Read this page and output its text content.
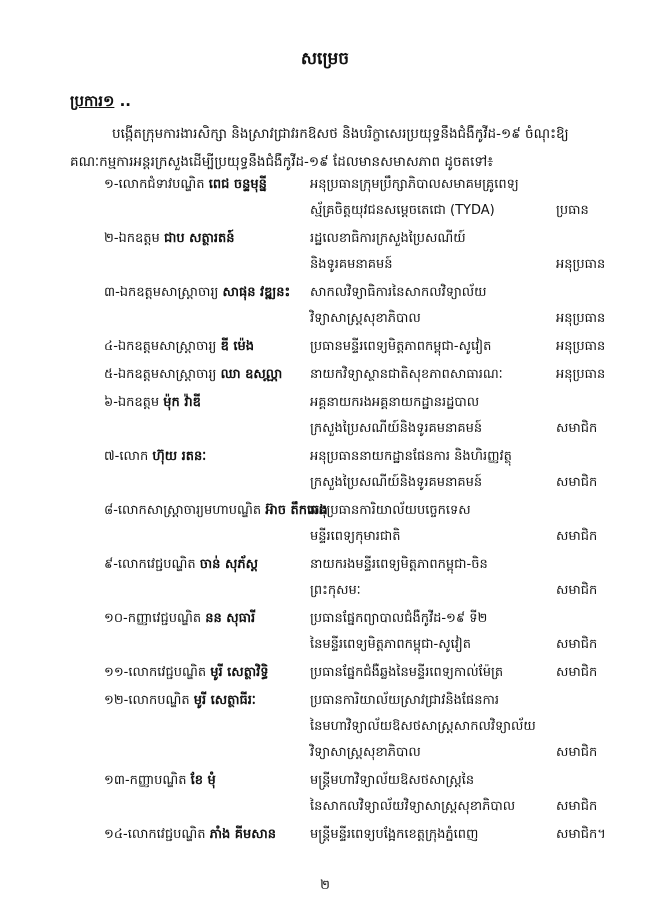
សម្រេច
ប្រការ១ ..
បង្កើតក្រុមការងារសិក្សា និងស្រាវជ្រាវរកឱសថ និងបរិក្ខាសេរប្រយុទ្ធនឹងជំងឺកូវីដ-១៩ ចំណុះឱ្យ
គណៈកម្មការអន្តរក្រសួងដើម្បីប្រយុទ្ធនឹងជំងឺកូវីដ-១៩ ដែលមានសមាសភាព ដូចតទៅ៖
១-លោកជំទាវបណ្ឌិត ពេជ ចន្ទមុន្នី	អនុប្រធានក្រុមប្រឹក្សាភិបាលសមាគមគ្រូពេទ្យ
ស្ម័គ្រចិត្តយុវជនសម្ដេចតេជោ (TYDA)	ប្រធាន
២-ឯកឧត្តម ជាប សត្ថារតន៍	រដ្ឋលេខាធិការក្រសួងប្រៃសណីយ៍
និងទូរគមនាគមន៍	អនុប្រធាន
៣-ឯកឧត្តមសាស្ត្រាចារ្យ សាផុន វឌ្ឍនះ	សាកលវិទ្យាធិការនៃសាកលវិទ្យាល័យ
វិទ្យាសាស្ត្រសុខាភិបាល	អនុប្រធាន
៤-ឯកឧត្តមសាស្ត្រាចារ្យ ឌី ម៉េង	ប្រធានមន្ទីរពេទ្យមិត្តភាពកម្ពុជា-សូវៀត	អនុប្រធាន
៥-ឯកឧត្តមសាស្ត្រាចារ្យ ឈា ឧសល្ណា	នាយកវិទ្យាស្ថានជាតិសុខភាពសាធារណៈ	អនុប្រធាន
៦-ឯកឧត្តម ម៉ុក វ៉ាឌី	អគ្គនាយករងអគ្គនាយកដ្ឋានរដ្ឋបាល
ក្រសួងប្រៃសណីយ៍និងទូរគមនាគមន៍	សមាជិក
៧-លោក ហ៊ុយ រតនៈ	អនុប្រធាននាយកដ្ឋានផែនការ និងហិរញ្ញវត្ថុ
ក្រសួងប្រៃសណីយ៍និងទូរគមនាគមន៍	សមាជិក
៨-លោកសាស្ត្រាចារ្យមហាបណ្ឌិត អ៊ាច តឹកឆេង
អនុប្រធានការិយាល័យបច្ចេកទេស
មន្ទីរពេទ្យកុមារជាតិ	សមាជិក
៩-លោកវេជ្ជបណ្ឌិត ចាន់ សុភ័ស្ត	នាយករងមន្ទីរពេទ្យមិត្តភាពកម្ពុជា-ចិន
ព្រះកុសមៈ	សមាជិក
១០-កញ្ញាវេជ្ជបណ្ឌិត នន សុធារី	ប្រធានផ្នែកព្យាបាលជំងឺកូវីដ-១៩ ទី២
នៃមន្ទីរពេទ្យមិត្តភាពកម្ពុជា-សូវៀត	សមាជិក
១១-លោកវេជ្ជបណ្ឌិត មូរី សេត្ថាវិទ្ធិ	ប្រធានផ្នែកជំងឺឆ្លងនៃមន្ទីរពេទ្យកាល់ម៉ែត្រ	សមាជិក
១២-លោកបណ្ឌិត មូរី សេត្ថាធីរៈ	ប្រធានការិយាល័យស្រាវជ្រាវនិងផែនការ
នៃមហាវិទ្យាល័យឱសថសាស្ត្រសាកលវិទ្យាល័យ
វិទ្យាសាស្ត្រសុខាភិបាល	សមាជិក
១៣-កញ្ញាបណ្ឌិត ខែ មុំ	មន្ត្រីមហាវិទ្យាល័យឱសថសាស្ត្រនៃ
នៃសាកលវិទ្យាល័យវិទ្យាសាស្ត្រសុខាភិបាល	សមាជិក
១៤-លោកវេជ្ជបណ្ឌិត ភាំង គីមសាន	មន្ត្រីមន្ទីរពេទ្យបង្អែកខេត្តក្រុងភ្នំពេញ	សមាជិក។
២
